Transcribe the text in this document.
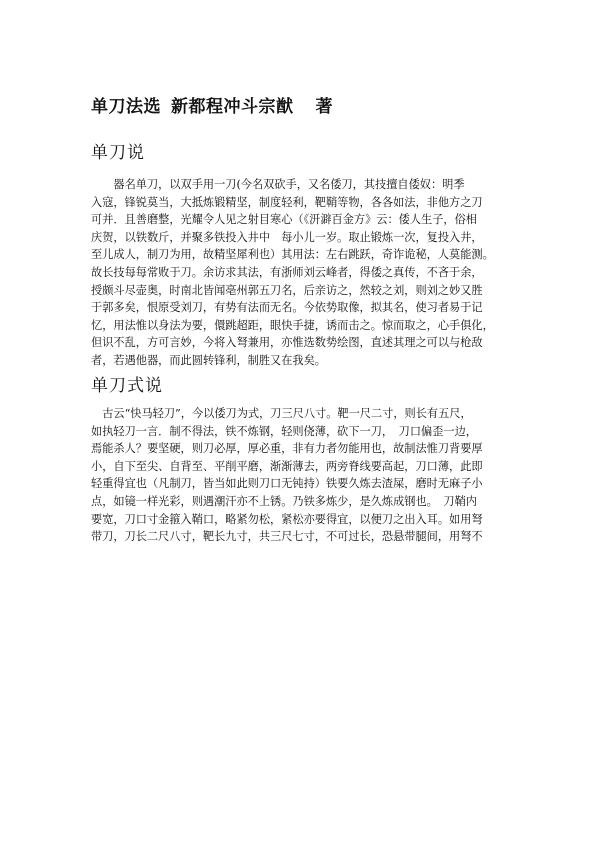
单刀法选 新都程冲斗宗猷 著
单刀说
　　器名单刀，以双手用一刀(今名双砍手，又名倭刀，其技擅自倭奴：明季
入寇，锋锐莫当，大抵炼锻精坚，制度轻利，靶鞘等物，各各如法，非他方之刀
可并．且善磨整，光耀令人见之射目寒心（《汧澼百金方》云：倭人生子，俗相
庆贺，以铁数斤，并聚多铁投入井中　每小儿一岁。取止锻炼一次，复投入井，
至儿成人，制刀为用，故精坚犀利也）其用法：左右跳跃，奇诈诡秘，人莫能测。
故长技每每常败于刀。余访求其法，有浙师刘云峰者，得倭之真传，不吝于余，
授颇斗尽壶奥，时南北皆闻亳州郭五刀名，后亲访之，然较之刘，则刘之妙又胜
于郭多矣，恨原受刘刀，有势有法而无名。今依势取像，拟其名，使习者易于记
忆，用法惟以身法为要，儇跳超距，眼快手捷，诱而击之。惊而取之，心手俱化，
但识不乱，方可言妙，今将入弩兼用，亦惟选数势绘图，直述其理之可以与枪敌
者，若遇他器，而此圆转锋利，制胜又在我矣。
单刀式说
　古云“快马轻刀”，今以倭刀为式，刀三尺八寸。靶一尺二寸，则长有五尺，
如执轻刀一言．制不得法，铁不炼钢，轻则侥薄，砍下一刀，　刀口偏歪一边，
焉能杀人？要坚硬，则刀必厚，厚必重，非有力者勿能用也，故制法惟刀背要厚
小，自下至尖、自背至、平削平磨，渐渐薄去，两旁脊线要高起，刀口薄，此即
轻重得宜也（凡制刀，皆当如此则刀口无钝持）铁要久炼去渣屎，磨时无麻子小
点，如镜一样光彩，则遇潮汗亦不上锈。乃铁多炼少，是久炼成钢也。　刀鞘内
要宽，刀口寸金箍入鞘口，略紧勿松，紧松亦要得宜，以便刀之出入耳。如用弩
带刀，刀长二尺八寸，靶长九寸，共三尺七寸，不可过长，恐悬带腿间，用弩不
